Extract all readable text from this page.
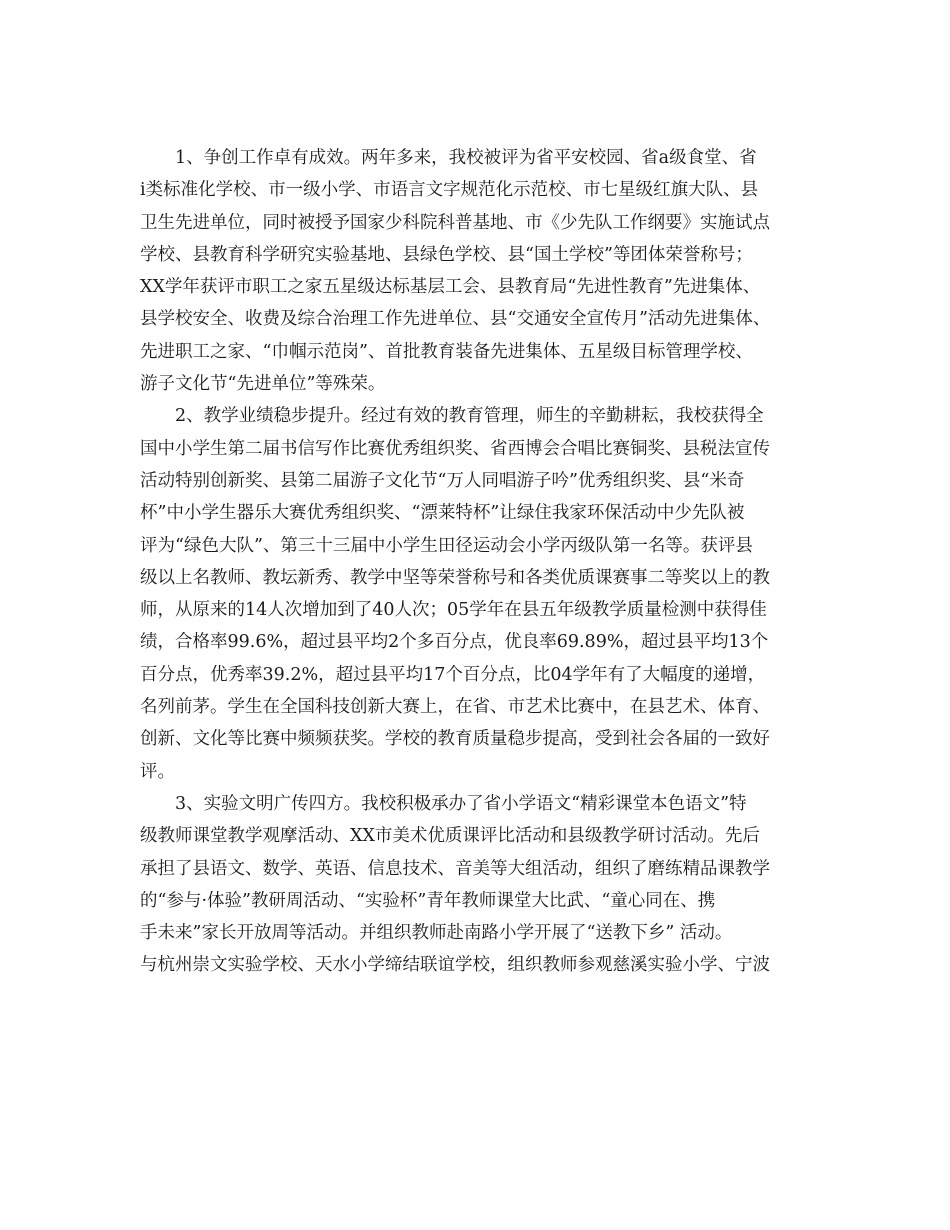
1、争创工作卓有成效。两年多来，我校被评为省平安校园、省a级食堂、省
i类标准化学校、市一级小学、市语言文字规范化示范校、市七星级红旗大队、县
卫生先进单位，同时被授予国家少科院科普基地、市《少先队工作纲要》实施试点
学校、县教育科学研究实验基地、县绿色学校、县“国土学校”等团体荣誉称号；
XX学年获评市职工之家五星级达标基层工会、县教育局“先进性教育”先进集体、
县学校安全、收费及综合治理工作先进单位、县“交通安全宣传月”活动先进集体、
先进职工之家、“巾帼示范岗”、首批教育装备先进集体、五星级目标管理学校、
游子文化节“先进单位”等殊荣。
2、教学业绩稳步提升。经过有效的教育管理，师生的辛勤耕耘，我校获得全
国中小学生第二届书信写作比赛优秀组织奖、省西博会合唱比赛铜奖、县税法宣传
活动特别创新奖、县第二届游子文化节“万人同唱游子吟”优秀组织奖、县“米奇
杯”中小学生器乐大赛优秀组织奖、“漂莱特杯”让绿住我家环保活动中少先队被
评为“绿色大队”、第三十三届中小学生田径运动会小学丙级队第一名等。获评县
级以上名教师、教坛新秀、教学中坚等荣誉称号和各类优质课赛事二等奖以上的教
师，从原来的14人次增加到了40人次；05学年在县五年级教学质量检测中获得佳
绩，合格率99.6%，超过县平均2个多百分点，优良率69.89%，超过县平均13个
百分点，优秀率39.2%，超过县平均17个百分点，比04学年有了大幅度的递增，
名列前茅。学生在全国科技创新大赛上，在省、市艺术比赛中，在县艺术、体育、
创新、文化等比赛中频频获奖。学校的教育质量稳步提高，受到社会各届的一致好
评。
3、实验文明广传四方。我校积极承办了省小学语文“精彩课堂本色语文”特
级教师课堂教学观摩活动、XX市美术优质课评比活动和县级教学研讨活动。先后
承担了县语文、数学、英语、信息技术、音美等大组活动，组织了磨练精品课教学
的“参与·体验”教研周活动、“实验杯”青年教师课堂大比武、“童心同在、携
手未来”家长开放周等活动。并组织教师赴南路小学开展了“送教下乡” 活动。
与杭州崇文实验学校、天水小学缔结联谊学校，组织教师参观慈溪实验小学、宁波
